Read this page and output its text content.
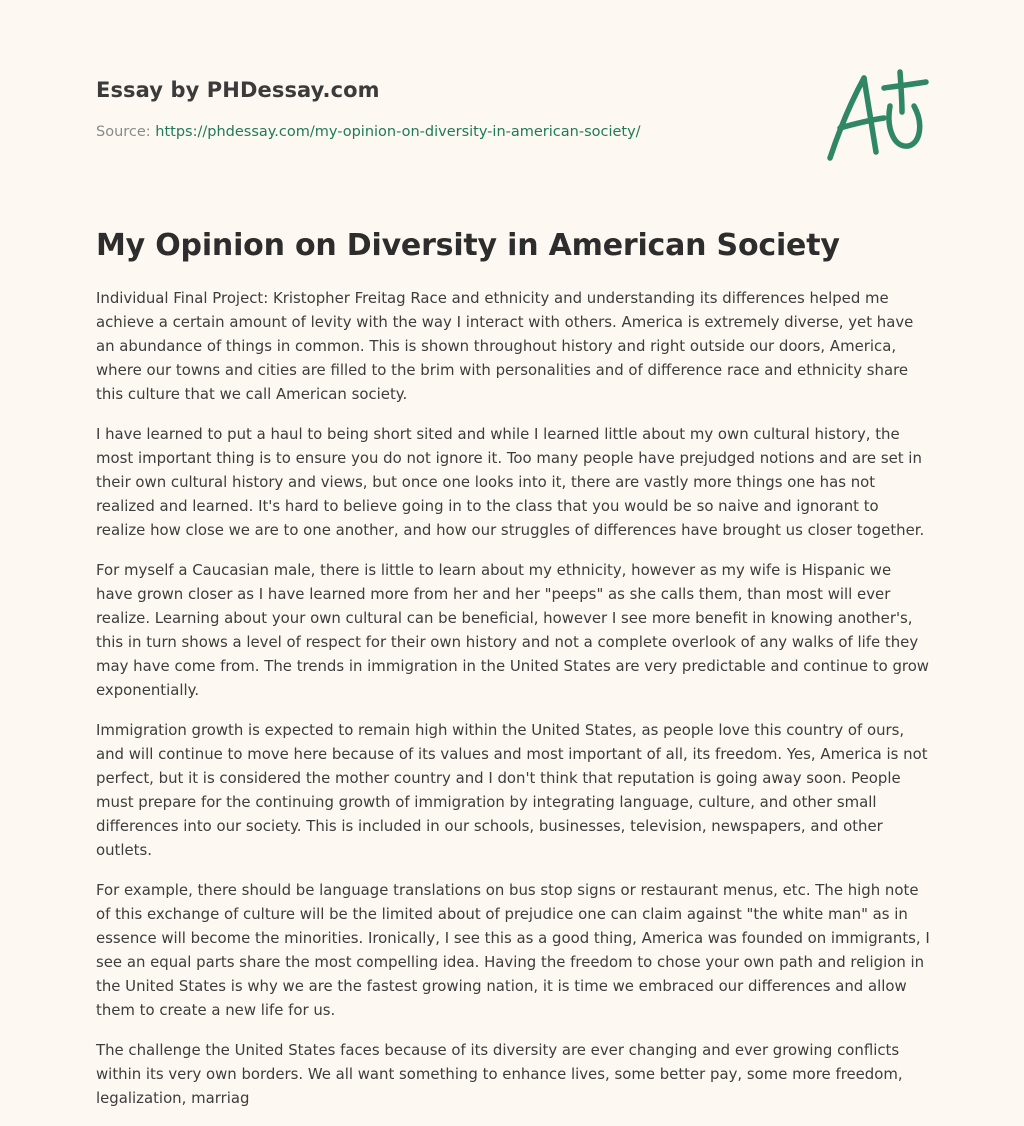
Essay by PHDessay.com
Source: https://phdessay.com/my-opinion-on-diversity-in-american-society/
My Opinion on Diversity in American Society

Individual Final Project: Kristopher Freitag Race and ethnicity and understanding its differences helped me achieve a certain amount of levity with the way I interact with others. America is extremely diverse, yet have an abundance of things in common. This is shown throughout history and right outside our doors, America, where our towns and cities are filled to the brim with personalities and of difference race and ethnicity share this culture that we call American society.

I have learned to put a haul to being short sited and while I learned little about my own cultural history, the most important thing is to ensure you do not ignore it. Too many people have prejudged notions and are set in their own cultural history and views, but once one looks into it, there are vastly more things one has not realized and learned. It's hard to believe going in to the class that you would be so naive and ignorant to realize how close we are to one another, and how our struggles of differences have brought us closer together.

For myself a Caucasian male, there is little to learn about my ethnicity, however as my wife is Hispanic we have grown closer as I have learned more from her and her "peeps" as she calls them, than most will ever realize. Learning about your own cultural can be beneficial, however I see more benefit in knowing another's, this in turn shows a level of respect for their own history and not a complete overlook of any walks of life they may have come from. The trends in immigration in the United States are very predictable and continue to grow exponentially.

Immigration growth is expected to remain high within the United States, as people love this country of ours, and will continue to move here because of its values and most important of all, its freedom. Yes, America is not perfect, but it is considered the mother country and I don't think that reputation is going away soon. People must prepare for the continuing growth of immigration by integrating language, culture, and other small differences into our society. This is included in our schools, businesses, television, newspapers, and other outlets.

For example, there should be language translations on bus stop signs or restaurant menus, etc. The high note of this exchange of culture will be the limited about of prejudice one can claim against "the white man" as in essence will become the minorities. Ironically, I see this as a good thing, America was founded on immigrants, I see an equal parts share the most compelling idea. Having the freedom to chose your own path and religion in the United States is why we are the fastest growing nation, it is time we embraced our differences and allow them to create a new life for us.

The challenge the United States faces because of its diversity are ever changing and ever growing conflicts within its very own borders. We all want something to enhance lives, some better pay, some more freedom, legalization, marriag
